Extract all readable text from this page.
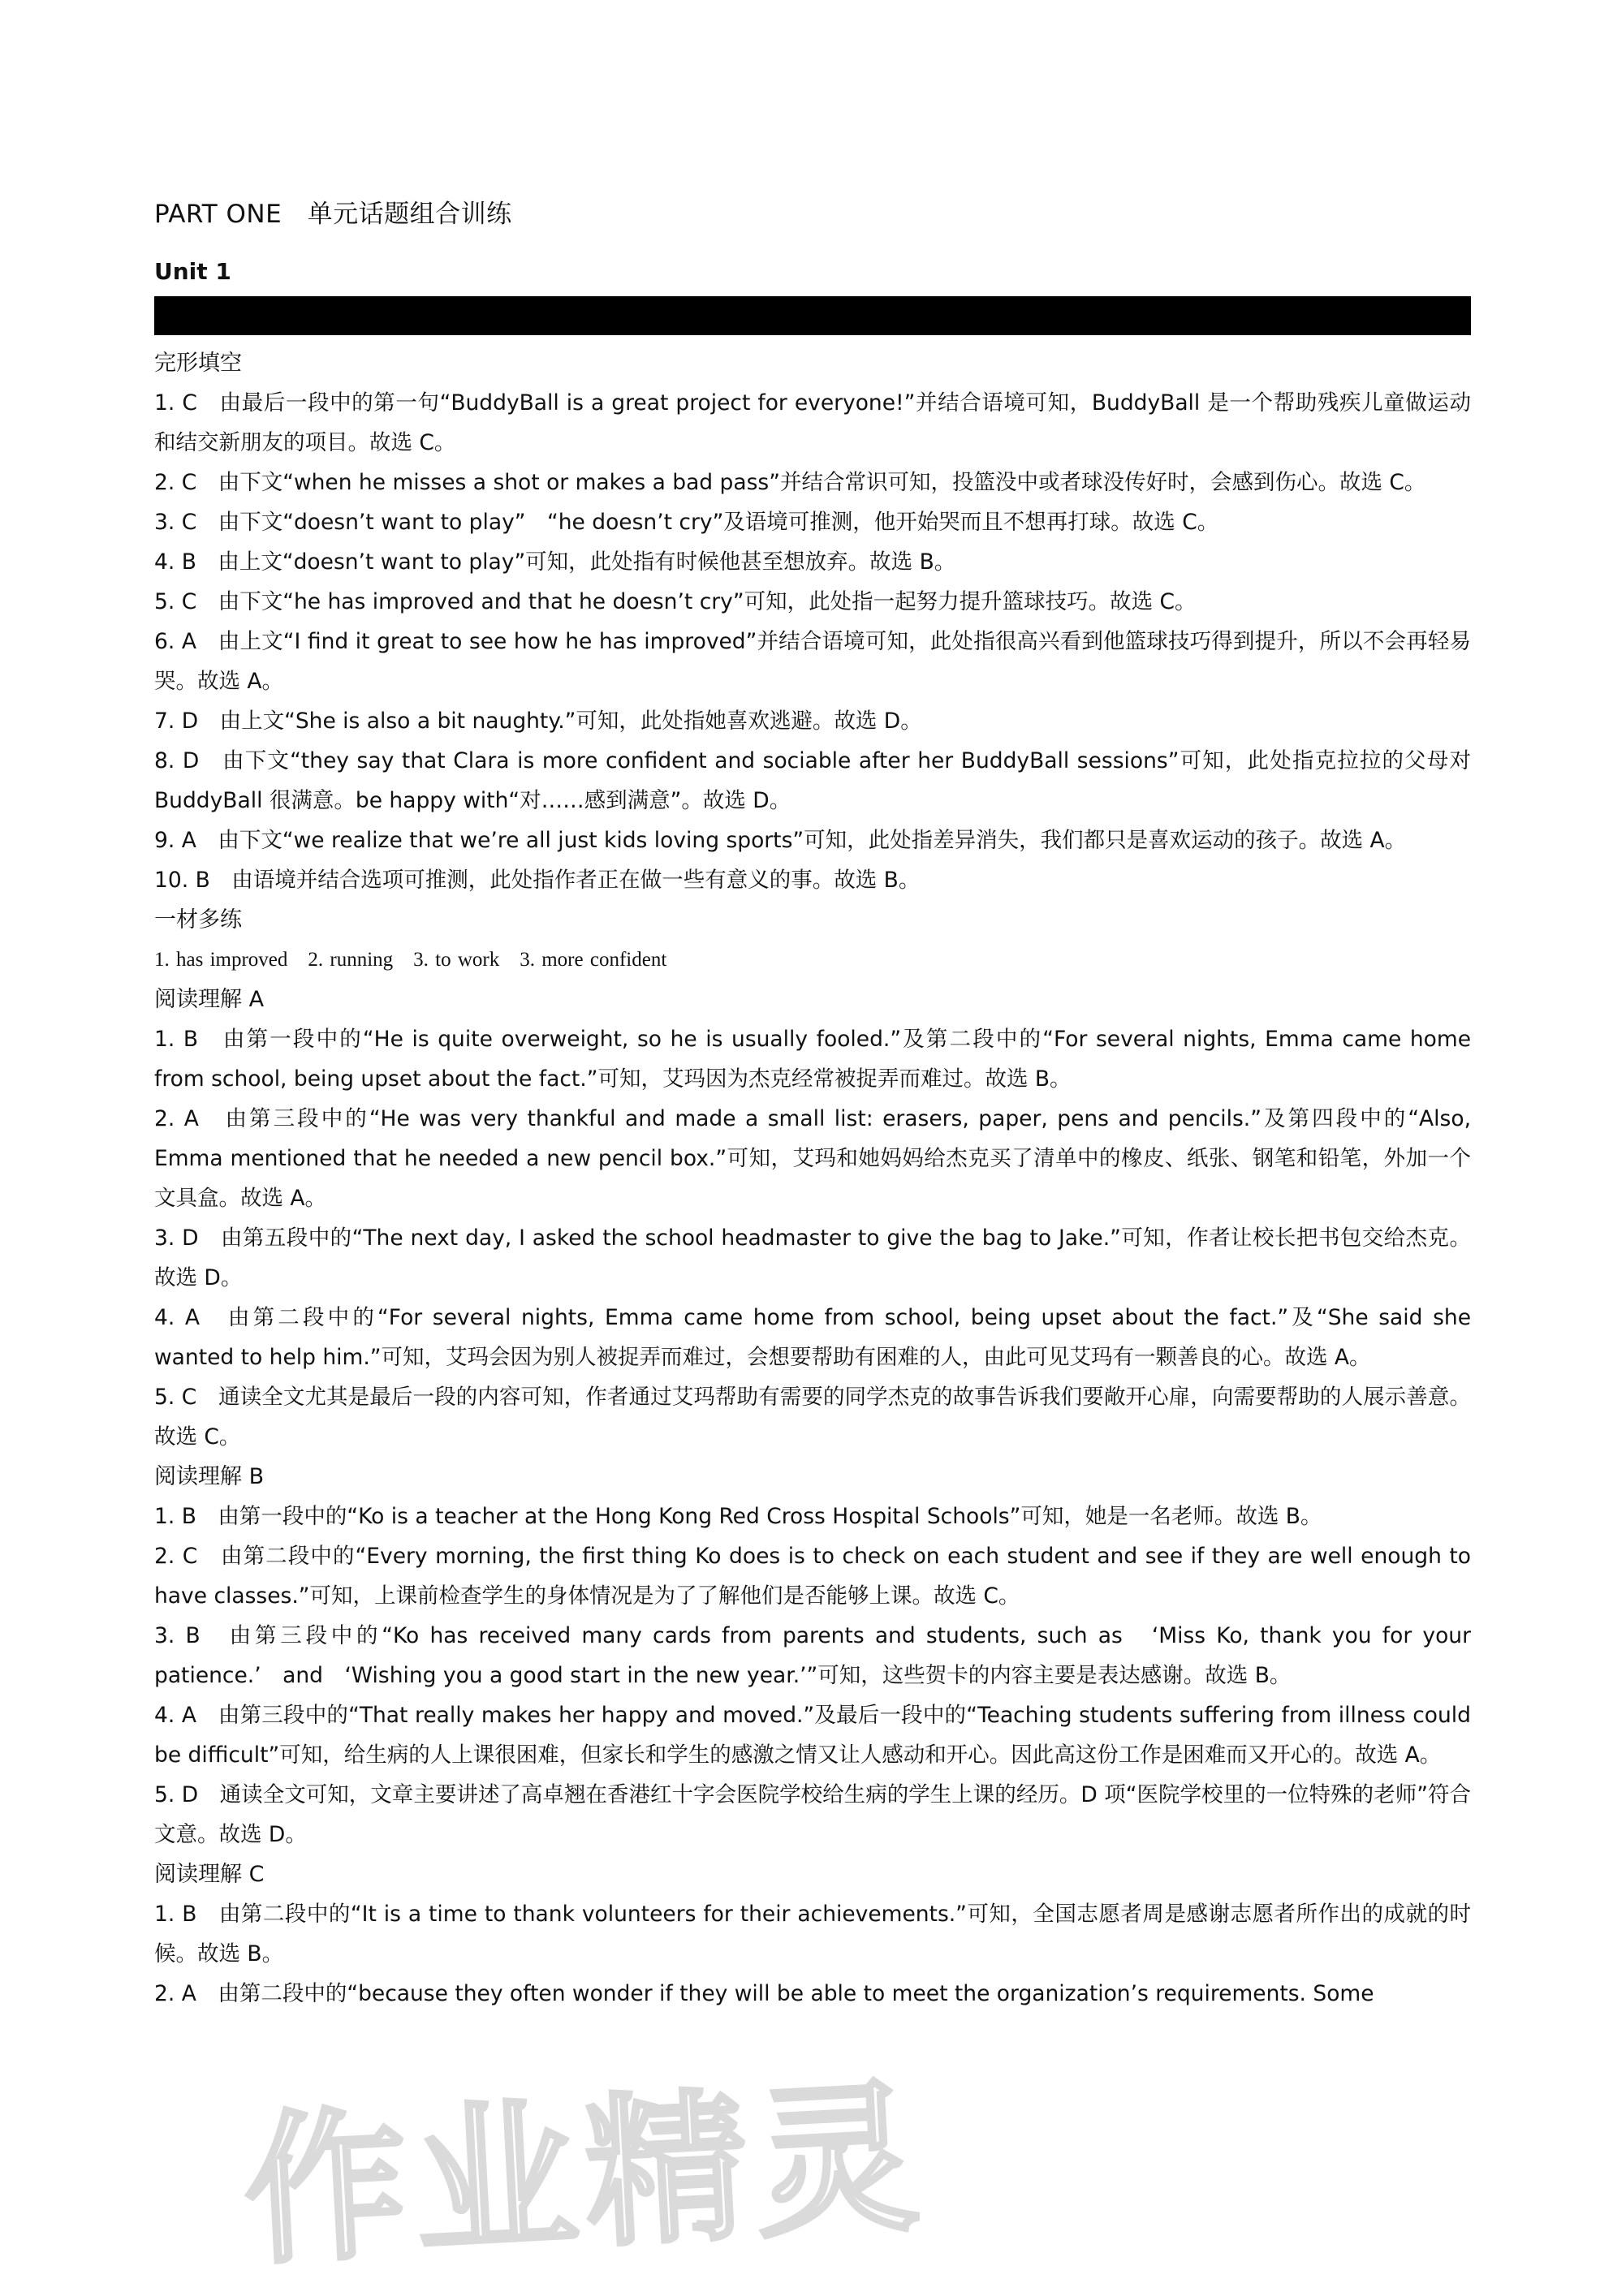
PART ONE　单元话题组合训练
Unit 1
完形填空
1. C　由最后一段中的第一句“BuddyBall is a great project for everyone!”并结合语境可知，BuddyBall 是一个帮助残疾儿童做运动和结交新朋友的项目。故选 C。
2. C　由下文“when he misses a shot or makes a bad pass”并结合常识可知，投篮没中或者球没传好时，会感到伤心。故选 C。
3. C　由下文“doesn’t want to play”　“he doesn’t cry”及语境可推测，他开始哭而且不想再打球。故选 C。
4. B　由上文“doesn’t want to play”可知，此处指有时候他甚至想放弃。故选 B。
5. C　由下文“he has improved and that he doesn’t cry”可知，此处指一起努力提升篮球技巧。故选 C。
6. A　由上文“I find it great to see how he has improved”并结合语境可知，此处指很高兴看到他篮球技巧得到提升，所以不会再轻易哭。故选 A。
7. D　由上文“She is also a bit naughty.”可知，此处指她喜欢逃避。故选 D。
8. D　由下文“they say that Clara is more confident and sociable after her BuddyBall sessions”可知，此处指克拉拉的父母对 BuddyBall 很满意。be happy with“对……感到满意”。故选 D。
9. A　由下文“we realize that we’re all just kids loving sports”可知，此处指差异消失，我们都只是喜欢运动的孩子。故选 A。
10. B　由语境并结合选项可推测，此处指作者正在做一些有意义的事。故选 B。
一材多练
1. has improved　2. running　3. to work　3. more confident
阅读理解 A
1. B　由第一段中的“He is quite overweight, so he is usually fooled.”及第二段中的“For several nights, Emma came home from school, being upset about the fact.”可知，艾玛因为杰克经常被捉弄而难过。故选 B。
2. A　由第三段中的“He was very thankful and made a small list: erasers, paper, pens and pencils.”及第四段中的“Also, Emma mentioned that he needed a new pencil box.”可知，艾玛和她妈妈给杰克买了清单中的橡皮、纸张、钢笔和铅笔，外加一个文具盒。故选 A。
3. D　由第五段中的“The next day, I asked the school headmaster to give the bag to Jake.”可知，作者让校长把书包交给杰克。故选 D。
4. A　由第二段中的“For several nights, Emma came home from school, being upset about the fact.”及“She said she wanted to help him.”可知，艾玛会因为别人被捉弄而难过，会想要帮助有困难的人，由此可见艾玛有一颗善良的心。故选 A。
5. C　通读全文尤其是最后一段的内容可知，作者通过艾玛帮助有需要的同学杰克的故事告诉我们要敞开心扉，向需要帮助的人展示善意。故选 C。
阅读理解 B
1. B　由第一段中的“Ko is a teacher at the Hong Kong Red Cross Hospital Schools”可知，她是一名老师。故选 B。
2. C　由第二段中的“Every morning, the first thing Ko does is to check on each student and see if they are well enough to have classes.”可知，上课前检查学生的身体情况是为了了解他们是否能够上课。故选 C。
3. B　由第三段中的“Ko has received many cards from parents and students, such as　‘Miss Ko, thank you for your patience.’　and　‘Wishing you a good start in the new year.’”可知，这些贺卡的内容主要是表达感谢。故选 B。
4. A　由第三段中的“That really makes her happy and moved.”及最后一段中的“Teaching students suffering from illness could be difficult”可知，给生病的人上课很困难，但家长和学生的感激之情又让人感动和开心。因此高这份工作是困难而又开心的。故选 A。
5. D　通读全文可知，文章主要讲述了高卓翘在香港红十字会医院学校给生病的学生上课的经历。D 项“医院学校里的一位特殊的老师”符合文意。故选 D。
阅读理解 C
1. B　由第二段中的“It is a time to thank volunteers for their achievements.”可知，全国志愿者周是感谢志愿者所作出的成就的时候。故选 B。
2. A　由第二段中的“because they often wonder if they will be able to meet the organization’s requirements. Some
作业精灵
